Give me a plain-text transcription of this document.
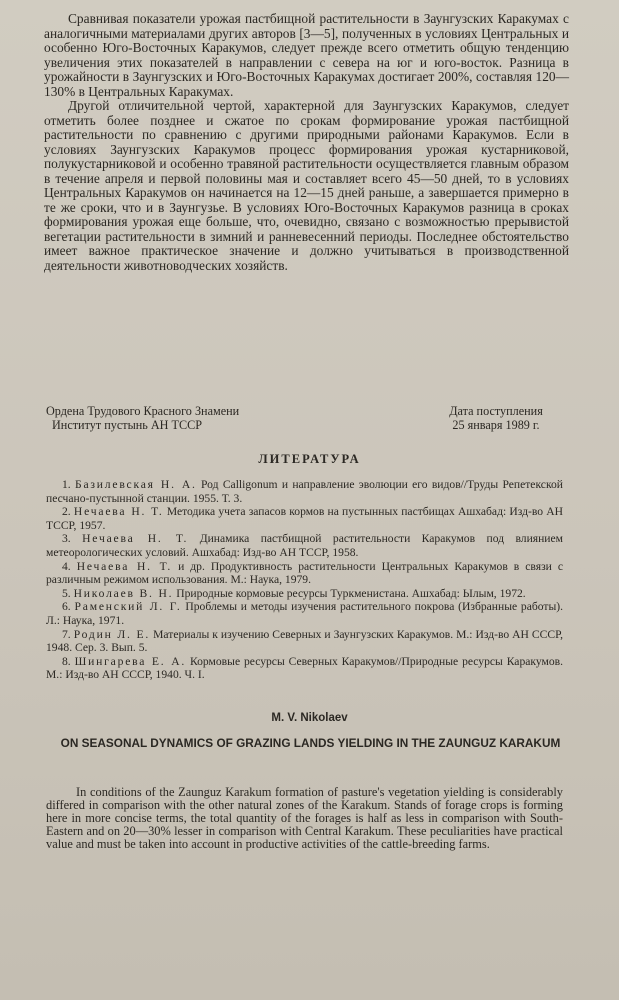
Сравнивая показатели урожая пастбищной растительности в Заунгузских Каракумах с аналогичными материалами других авторов [3—5], полученных в условиях Центральных и особенно Юго-Восточных Каракумов, следует прежде всего отметить общую тенденцию увеличения этих показателей в направлении с севера на юг и юго-восток. Разница в урожайности в Заунгузских и Юго-Восточных Каракумах достигает 200%, составляя 120—130% в Центральных Каракумах.

Другой отличительной чертой, характерной для Заунгузских Каракумов, следует отметить более позднее и сжатое по срокам формирование урожая пастбищной растительности по сравнению с другими природными районами Каракумов. Если в условиях Заунгузских Каракумов процесс формирования урожая кустарниковой, полукустарниковой и особенно травяной растительности осуществляется главным образом в течение апреля и первой половины мая и составляет всего 45—50 дней, то в условиях Центральных Каракумов он начинается на 12—15 дней раньше, а завершается примерно в те же сроки, что и в Заунгузье. В условиях Юго-Восточных Каракумов разница в сроках формирования урожая еще больше, что, очевидно, связано с возможностью прерывистой вегетации растительности в зимний и ранневесенний периоды. Последнее обстоятельство имеет важное практическое значение и должно учитываться в производственной деятельности животноводческих хозяйств.

Ордена Трудового Красного Знамени
Институт пустынь АН ТССР
Дата поступления
25 января 1989 г.
ЛИТЕРАТУРА
1. Базилевская Н. А. Род Calligonum и направление эволюции его видов//Труды Репетекской песчано-пустынной станции. 1955. Т. 3.
2. Нечаева Н. Т. Методика учета запасов кормов на пустынных пастбищах Ашхабад: Изд-во АН ТССР, 1957.
3. Нечаева Н. Т. Динамика пастбищной растительности Каракумов под влиянием метеорологических условий. Ашхабад: Изд-во АН ТССР, 1958.
4. Нечаева Н. Т. и др. Продуктивность растительности Центральных Каракумов в связи с различным режимом использования. М.: Наука, 1979.
5. Николаев В. Н. Природные кормовые ресурсы Туркменистана. Ашхабад: Ылым, 1972.
6. Раменский Л. Г. Проблемы и методы изучения растительного покрова (Избранные работы). Л.: Наука, 1971.
7. Родин Л. Е. Материалы к изучению Северных и Заунгузских Каракумов. М.: Изд-во АН СССР, 1948. Сер. 3. Вып. 5.
8. Шингарева Е. А. Кормовые ресурсы Северных Каракумов//Природные ресурсы Каракумов. М.: Изд-во АН СССР, 1940. Ч. I.
M. V. Nikolaev
ON SEASONAL DYNAMICS OF GRAZING LANDS YIELDING IN THE ZAUNGUZ KARAKUM

In conditions of the Zaunguz Karakum formation of pasture's vegetation yielding is considerably differed in comparison with the other natural zones of the Karakum. Stands of forage crops is forming here in more concise terms, the total quantity of the forages is half as less in comparison with South-Eastern and on 20—30% lesser in comparison with Central Karakum. These peculiarities have practical value and must be taken into account in productive activities of the cattle-breeding farms.
